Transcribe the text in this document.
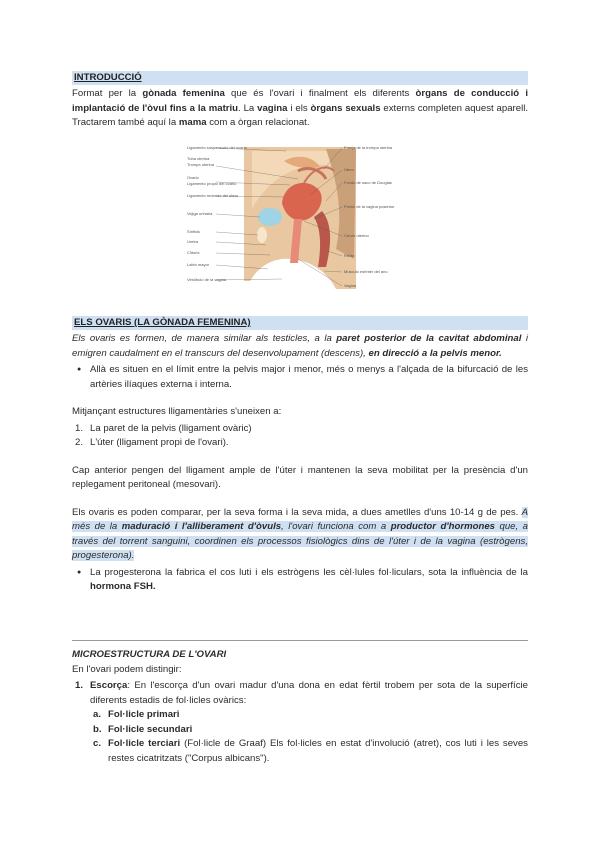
INTRODUCCIÓ

Format per la gònada femenina que és l'ovari i finalment els diferents òrgans de conducció i implantació de l'òvul fins a la matriu. La vagina i els òrgans sexuals externs completen aquest aparell. Tractarem també aquí la mama com a òrgan relacionat.

Ligamento suspensorio del ovario
Tuba uterina
Trompa uterina
Ovario
Ligamento propio del ovario
Ligamento redondo del útero
Vejiga urinaria
Sínfisis
Uretra
Clítoris
Labio mayor
Vestíbulo de la vagina
Franja de la trompa uterina
Útero
Fondo de saco de Douglas
Fórnix de la vagina posterior
Cérvix uterino
Recto
Músculo esfínter del ano
Vagina
ELS OVARIS (LA GÒNADA FEMENINA)

Els ovaris es formen, de manera similar als testicles, a la paret posterior de la cavitat abdominal i emigren caudalment en el transcurs del desenvolupament (descens), en direcció a la pelvis menor.

● Allà es situen en el límit entre la pelvis major i menor, més o menys a l'alçada de la bifurcació de les artèries ilíaques externa i interna.

Mitjançant estructures lligamentàries s'uneixen a:

1. La paret de la pelvis (lligament ovàric)
2. L'úter (lligament propi de l'ovari).

Cap anterior pengen del lligament ample de l'úter i mantenen la seva mobilitat per la presència d'un replegament peritoneal (mesovari).

Els ovaris es poden comparar, per la seva forma i la seva mida, a dues ametlles d'uns 10-14 g de pes. A més de la maduració i l'alliberament d'òvuls, l'ovari funciona com a productor d'hormones que, a través del torrent sanguini, coordinen els processos fisiològics dins de l'úter i de la vagina (estrògens, progesterona).

● La progesterona la fabrica el cos luti i els estrògens les cèl·lules fol·liculars, sota la influència de la hormona FSH.
MICROESTRUCTURA DE L'OVARI

En l'ovari podem distingir:

1. Escorça: En l'escorça d'un ovari madur d'una dona en edat fèrtil trobem per sota de la superfície diferents estadis de fol·licles ovàrics:
a. Fol·licle primari
b. Fol·licle secundari
c. Fol·licle terciari (Fol·licle de Graaf) Els fol·licles en estat d'involució (atret), cos luti i les seves restes cicatritzats ("Corpus albicans").
